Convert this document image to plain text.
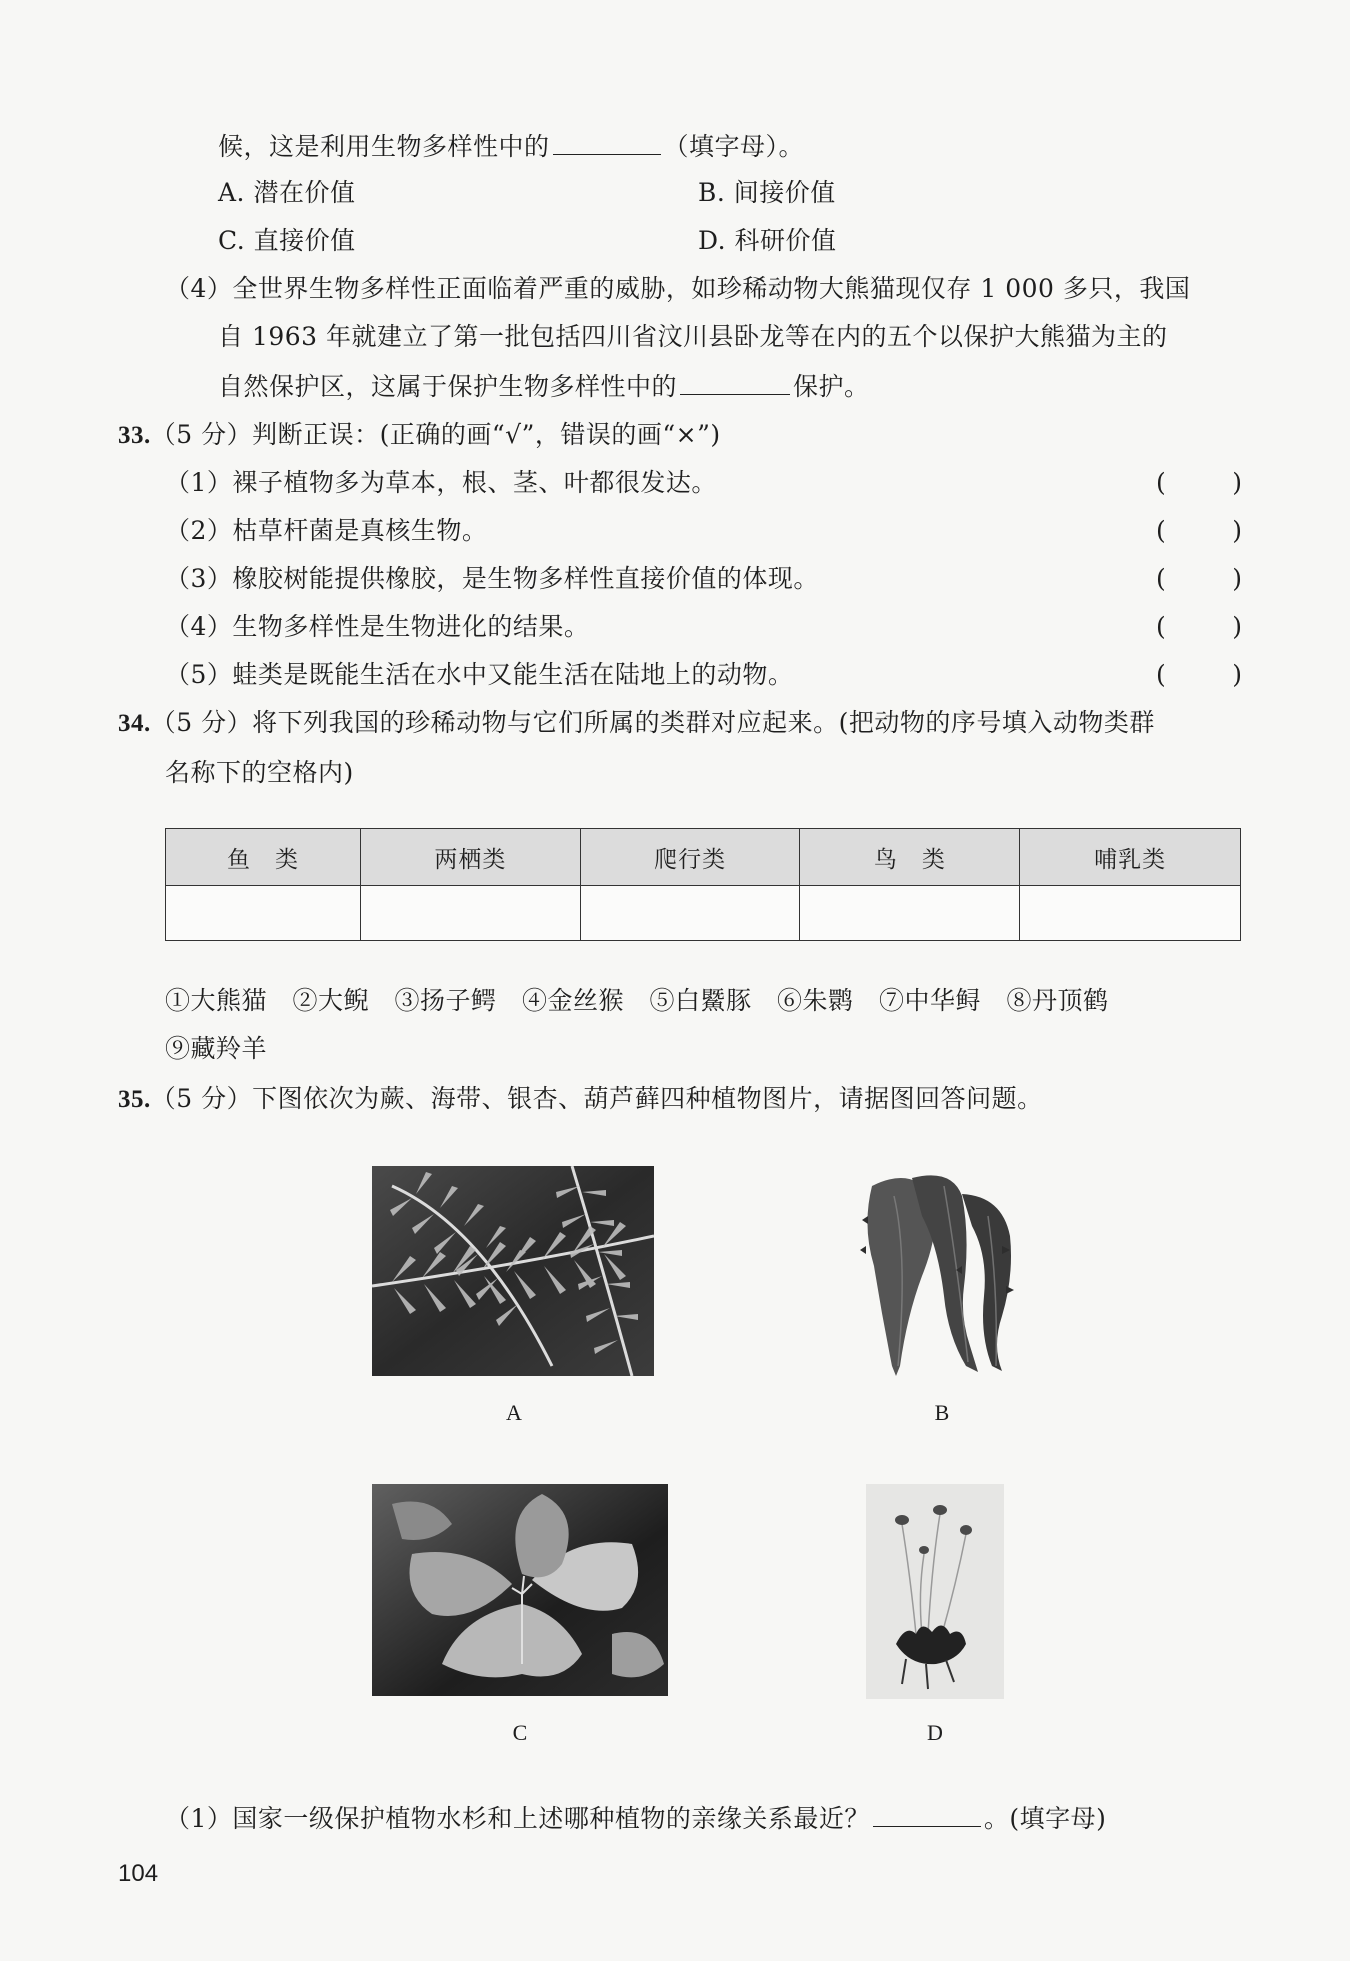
候，这是利用生物多样性中的	（填字母）。
A. 潜在价值	B. 间接价值
C. 直接价值	D. 科研价值
（4）全世界生物多样性正面临着严重的威胁，如珍稀动物大熊猫现仅存 1 000 多只，我国
自 1963 年就建立了第一批包括四川省汶川县卧龙等在内的五个以保护大熊猫为主的
自然保护区，这属于保护生物多样性中的	保护。
33.（5 分）判断正误：(正确的画“√”，错误的画“×”)
（1）裸子植物多为草本，根、茎、叶都很发达。	(	)
（2）枯草杆菌是真核生物。	(	)
（3）橡胶树能提供橡胶，是生物多样性直接价值的体现。	(	)
（4）生物多样性是生物进化的结果。	(	)
（5）蛙类是既能生活在水中又能生活在陆地上的动物。	(	)
34.（5 分）将下列我国的珍稀动物与它们所属的类群对应起来。(把动物的序号填入动物类群
名称下的空格内)
鱼　类	两栖类	爬行类	鸟　类	哺乳类

①大熊猫　②大鲵　③扬子鳄　④金丝猴　⑤白鱀豚　⑥朱鹮　⑦中华鲟　⑧丹顶鹤
⑨藏羚羊
35.（5 分）下图依次为蕨、海带、银杏、葫芦藓四种植物图片，请据图回答问题。
A	B
C	D
（1）国家一级保护植物水杉和上述哪种植物的亲缘关系最近？	。(填字母)
104
